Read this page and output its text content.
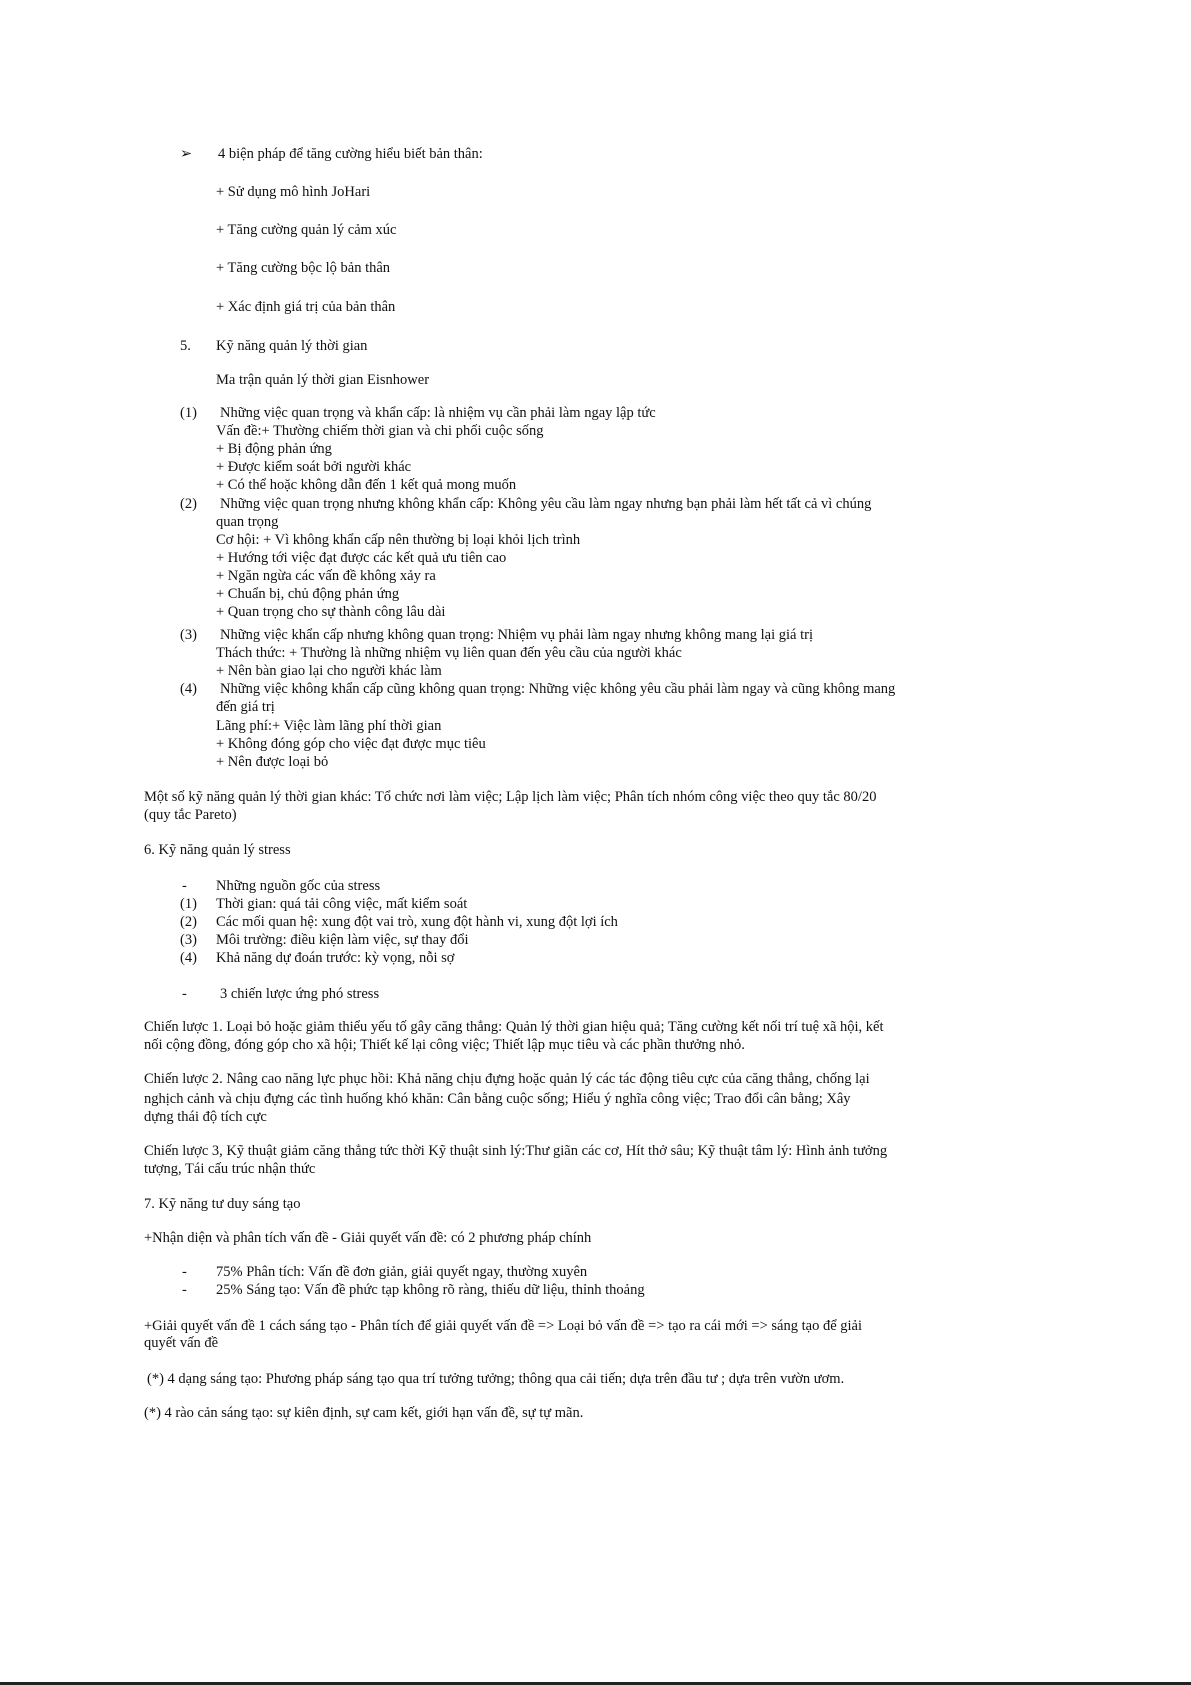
➢ 4 biện pháp để tăng cường hiểu biết bản thân:
+ Sử dụng mô hình JoHari
+ Tăng cường quản lý cảm xúc
+ Tăng cường bộc lộ bản thân
+ Xác định giá trị của bản thân
5. Kỹ năng quản lý thời gian
Ma trận quản lý thời gian Eisnhower
(1) Những việc quan trọng và khẩn cấp: là nhiệm vụ cần phải làm ngay lập tức
Vấn đề:+ Thường chiếm thời gian và chi phối cuộc sống
+ Bị động phản ứng
+ Được kiểm soát bởi người khác
+ Có thể hoặc không dẫn đến 1 kết quả mong muốn
(2) Những việc quan trọng nhưng không khẩn cấp: Không yêu cầu làm ngay nhưng bạn phải làm hết tất cả vì chúng
quan trọng
Cơ hội: + Vì không khẩn cấp nên thường bị loại khỏi lịch trình
+ Hướng tới việc đạt được các kết quả ưu tiên cao
+ Ngăn ngừa các vấn đề không xảy ra
+ Chuẩn bị, chủ động phản ứng
+ Quan trọng cho sự thành công lâu dài
(3) Những việc khẩn cấp nhưng không quan trọng: Nhiệm vụ phải làm ngay nhưng không mang lại giá trị
Thách thức: + Thường là những nhiệm vụ liên quan đến yêu cầu của người khác
+ Nên bàn giao lại cho người khác làm
(4) Những việc không khẩn cấp cũng không quan trọng: Những việc không yêu cầu phải làm ngay và cũng không mang
đến giá trị
Lãng phí:+ Việc làm lãng phí thời gian
+ Không đóng góp cho việc đạt được mục tiêu
+ Nên được loại bỏ
Một số kỹ năng quản lý thời gian khác: Tổ chức nơi làm việc; Lập lịch làm việc; Phân tích nhóm công việc theo quy tắc 80/20
(quy tắc Pareto)
6. Kỹ năng quản lý stress
- Những nguồn gốc của stress
(1) Thời gian: quá tải công việc, mất kiểm soát
(2) Các mối quan hệ: xung đột vai trò, xung đột hành vi, xung đột lợi ích
(3) Môi trường: điều kiện làm việc, sự thay đổi
(4) Khả năng dự đoán trước: kỳ vọng, nỗi sợ
- 3 chiến lược ứng phó stress
Chiến lược 1. Loại bỏ hoặc giảm thiểu yếu tố gây căng thẳng: Quản lý thời gian hiệu quả; Tăng cường kết nối trí tuệ xã hội, kết
nối cộng đồng, đóng góp cho xã hội; Thiết kế lại công việc; Thiết lập mục tiêu và các phần thưởng nhỏ.
Chiến lược 2. Nâng cao năng lực phục hồi: Khả năng chịu đựng hoặc quản lý các tác động tiêu cực của căng thẳng, chống lại
nghịch cảnh và chịu đựng các tình huống khó khăn: Cân bằng cuộc sống; Hiểu ý nghĩa công việc; Trao đổi cân bằng; Xây
dựng thái độ tích cực
Chiến lược 3, Kỹ thuật giảm căng thẳng tức thời Kỹ thuật sinh lý:Thư giãn các cơ, Hít thở sâu; Kỹ thuật tâm lý: Hình ảnh tưởng
tượng, Tái cấu trúc nhận thức
7. Kỹ năng tư duy sáng tạo
+Nhận diện và phân tích vấn đề - Giải quyết vấn đề: có 2 phương pháp chính
- 75% Phân tích: Vấn đề đơn giản, giải quyết ngay, thường xuyên
- 25% Sáng tạo: Vấn đề phức tạp không rõ ràng, thiếu dữ liệu, thỉnh thoảng
+Giải quyết vấn đề 1 cách sáng tạo - Phân tích để giải quyết vấn đề => Loại bỏ vấn đề => tạo ra cái mới => sáng tạo để giải
quyết vấn đề
(*) 4 dạng sáng tạo: Phương pháp sáng tạo qua trí tưởng tưởng; thông qua cải tiến; dựa trên đầu tư ; dựa trên vườn ươm.
(*) 4 rào cản sáng tạo: sự kiên định, sự cam kết, giới hạn vấn đề, sự tự mãn.
